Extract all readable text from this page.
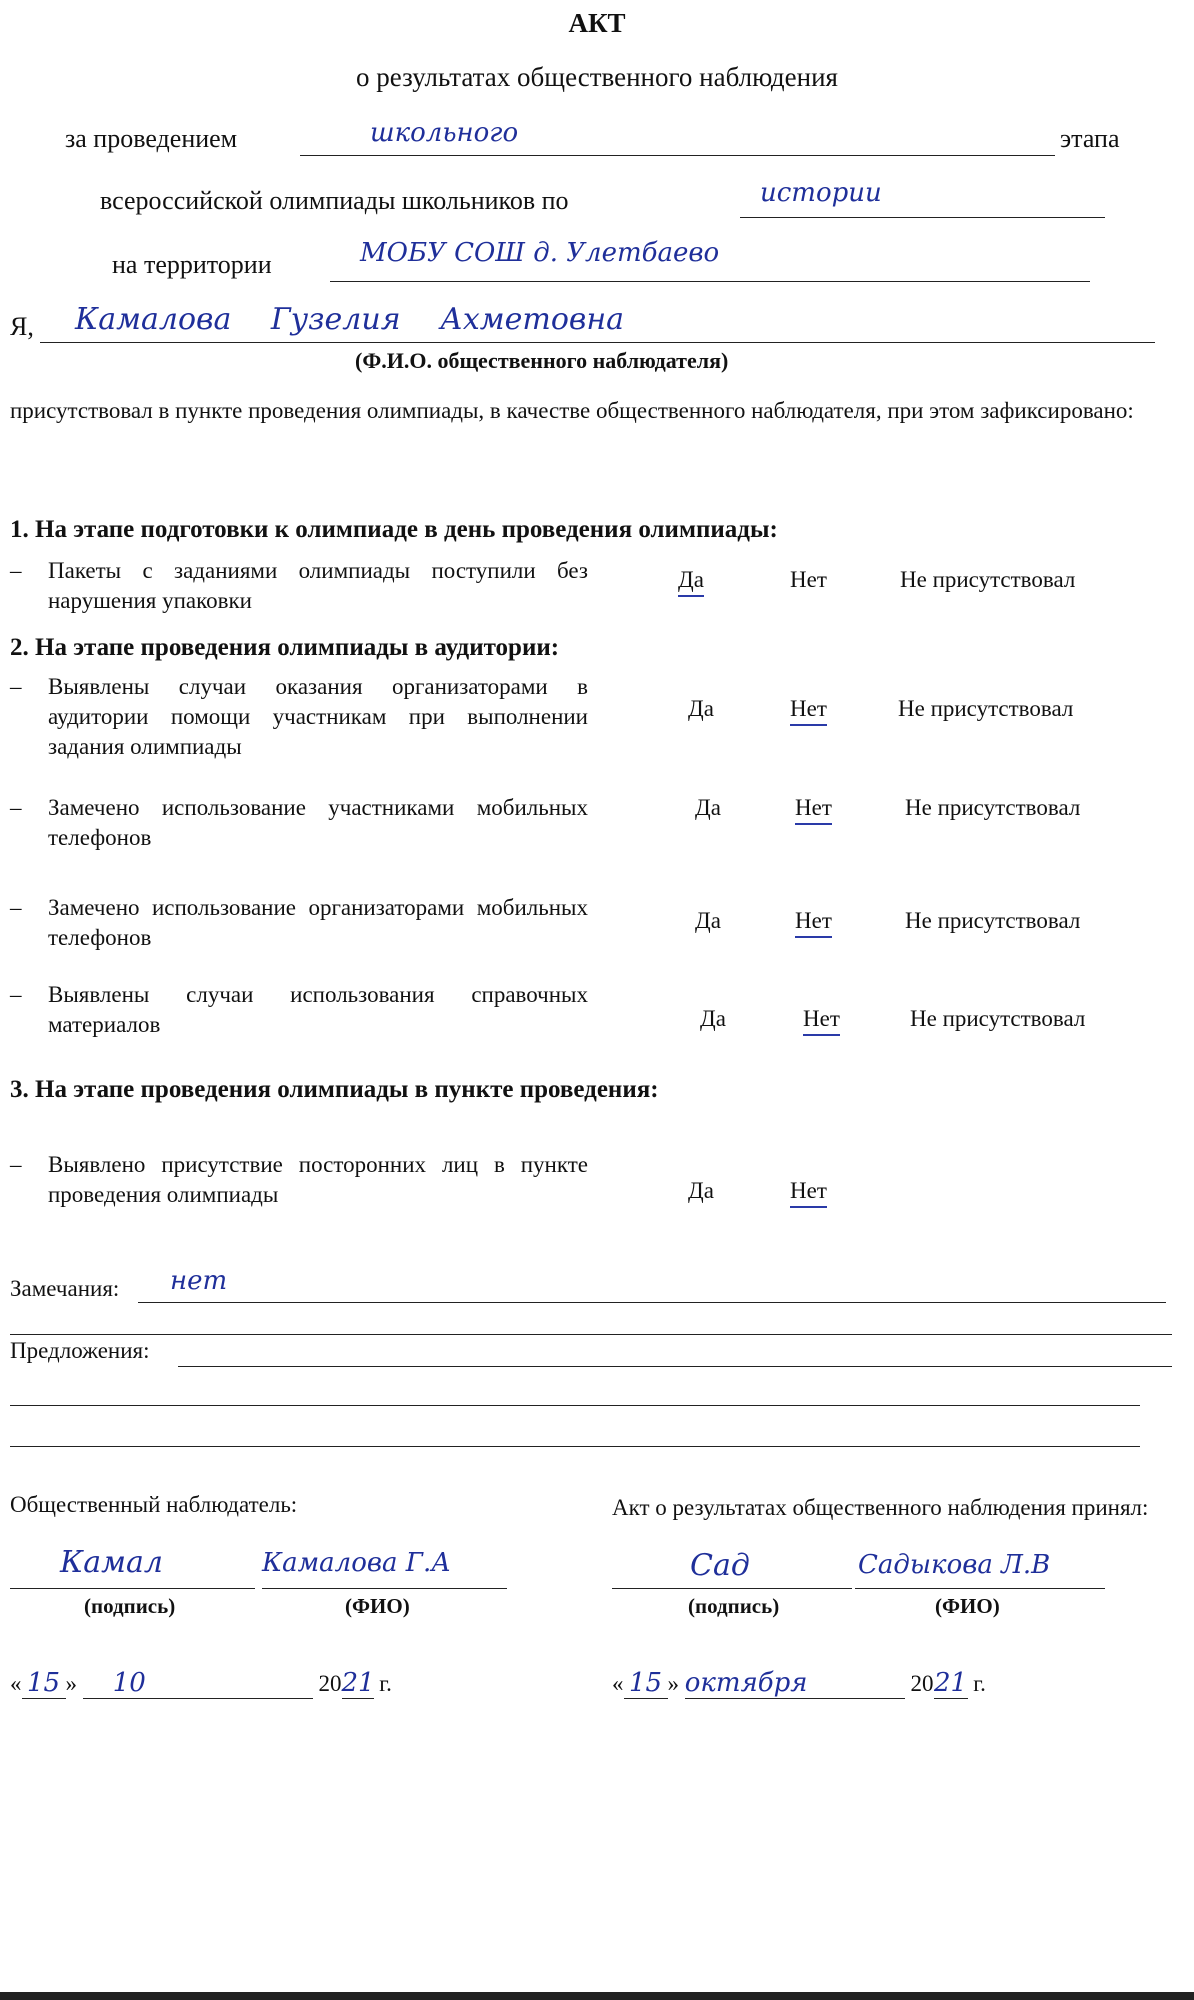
АКТ
о результатах общественного наблюдения
за проведением	школьного	этапа
всероссийской олимпиады школьников по	истории
на территории	МОБУ СОШ д. Улетбаево
Я, Камалова Гузелия Ахметовна
(Ф.И.О. общественного наблюдателя)
присутствовал в пункте проведения олимпиады, в качестве общественного наблюдателя, при этом зафиксировано:
1. На этапе подготовки к олимпиаде в день проведения олимпиады:
– Пакеты с заданиями олимпиады поступили без нарушения упаковки
Да	Нет	Не присутствовал
2. На этапе проведения олимпиады в аудитории:
– Выявлены случаи оказания организаторами в аудитории помощи участникам при выполнении задания олимпиады
Да	Нет	Не присутствовал
– Замечено использование участниками мобильных телефонов
Да	Нет	Не присутствовал
– Замечено использование организаторами мобильных телефонов
Да	Нет	Не присутствовал
– Выявлены случаи использования справочных материалов	Да	Нет	Не присутствовал
3. На этапе проведения олимпиады в пункте проведения:
– Выявлено присутствие посторонних лиц в пункте проведения олимпиады	Да	Нет
Замечания: нет
Предложения:
Общественный наблюдатель:
Камал	Камалова Г.А
(подпись)	(ФИО)
« 15 » 10	2021 г.
Акт о результатах общественного наблюдения принял:
Сад	Садыкова Л.В
(подпись)	(ФИО)
« 15 » октября	2021 г.
